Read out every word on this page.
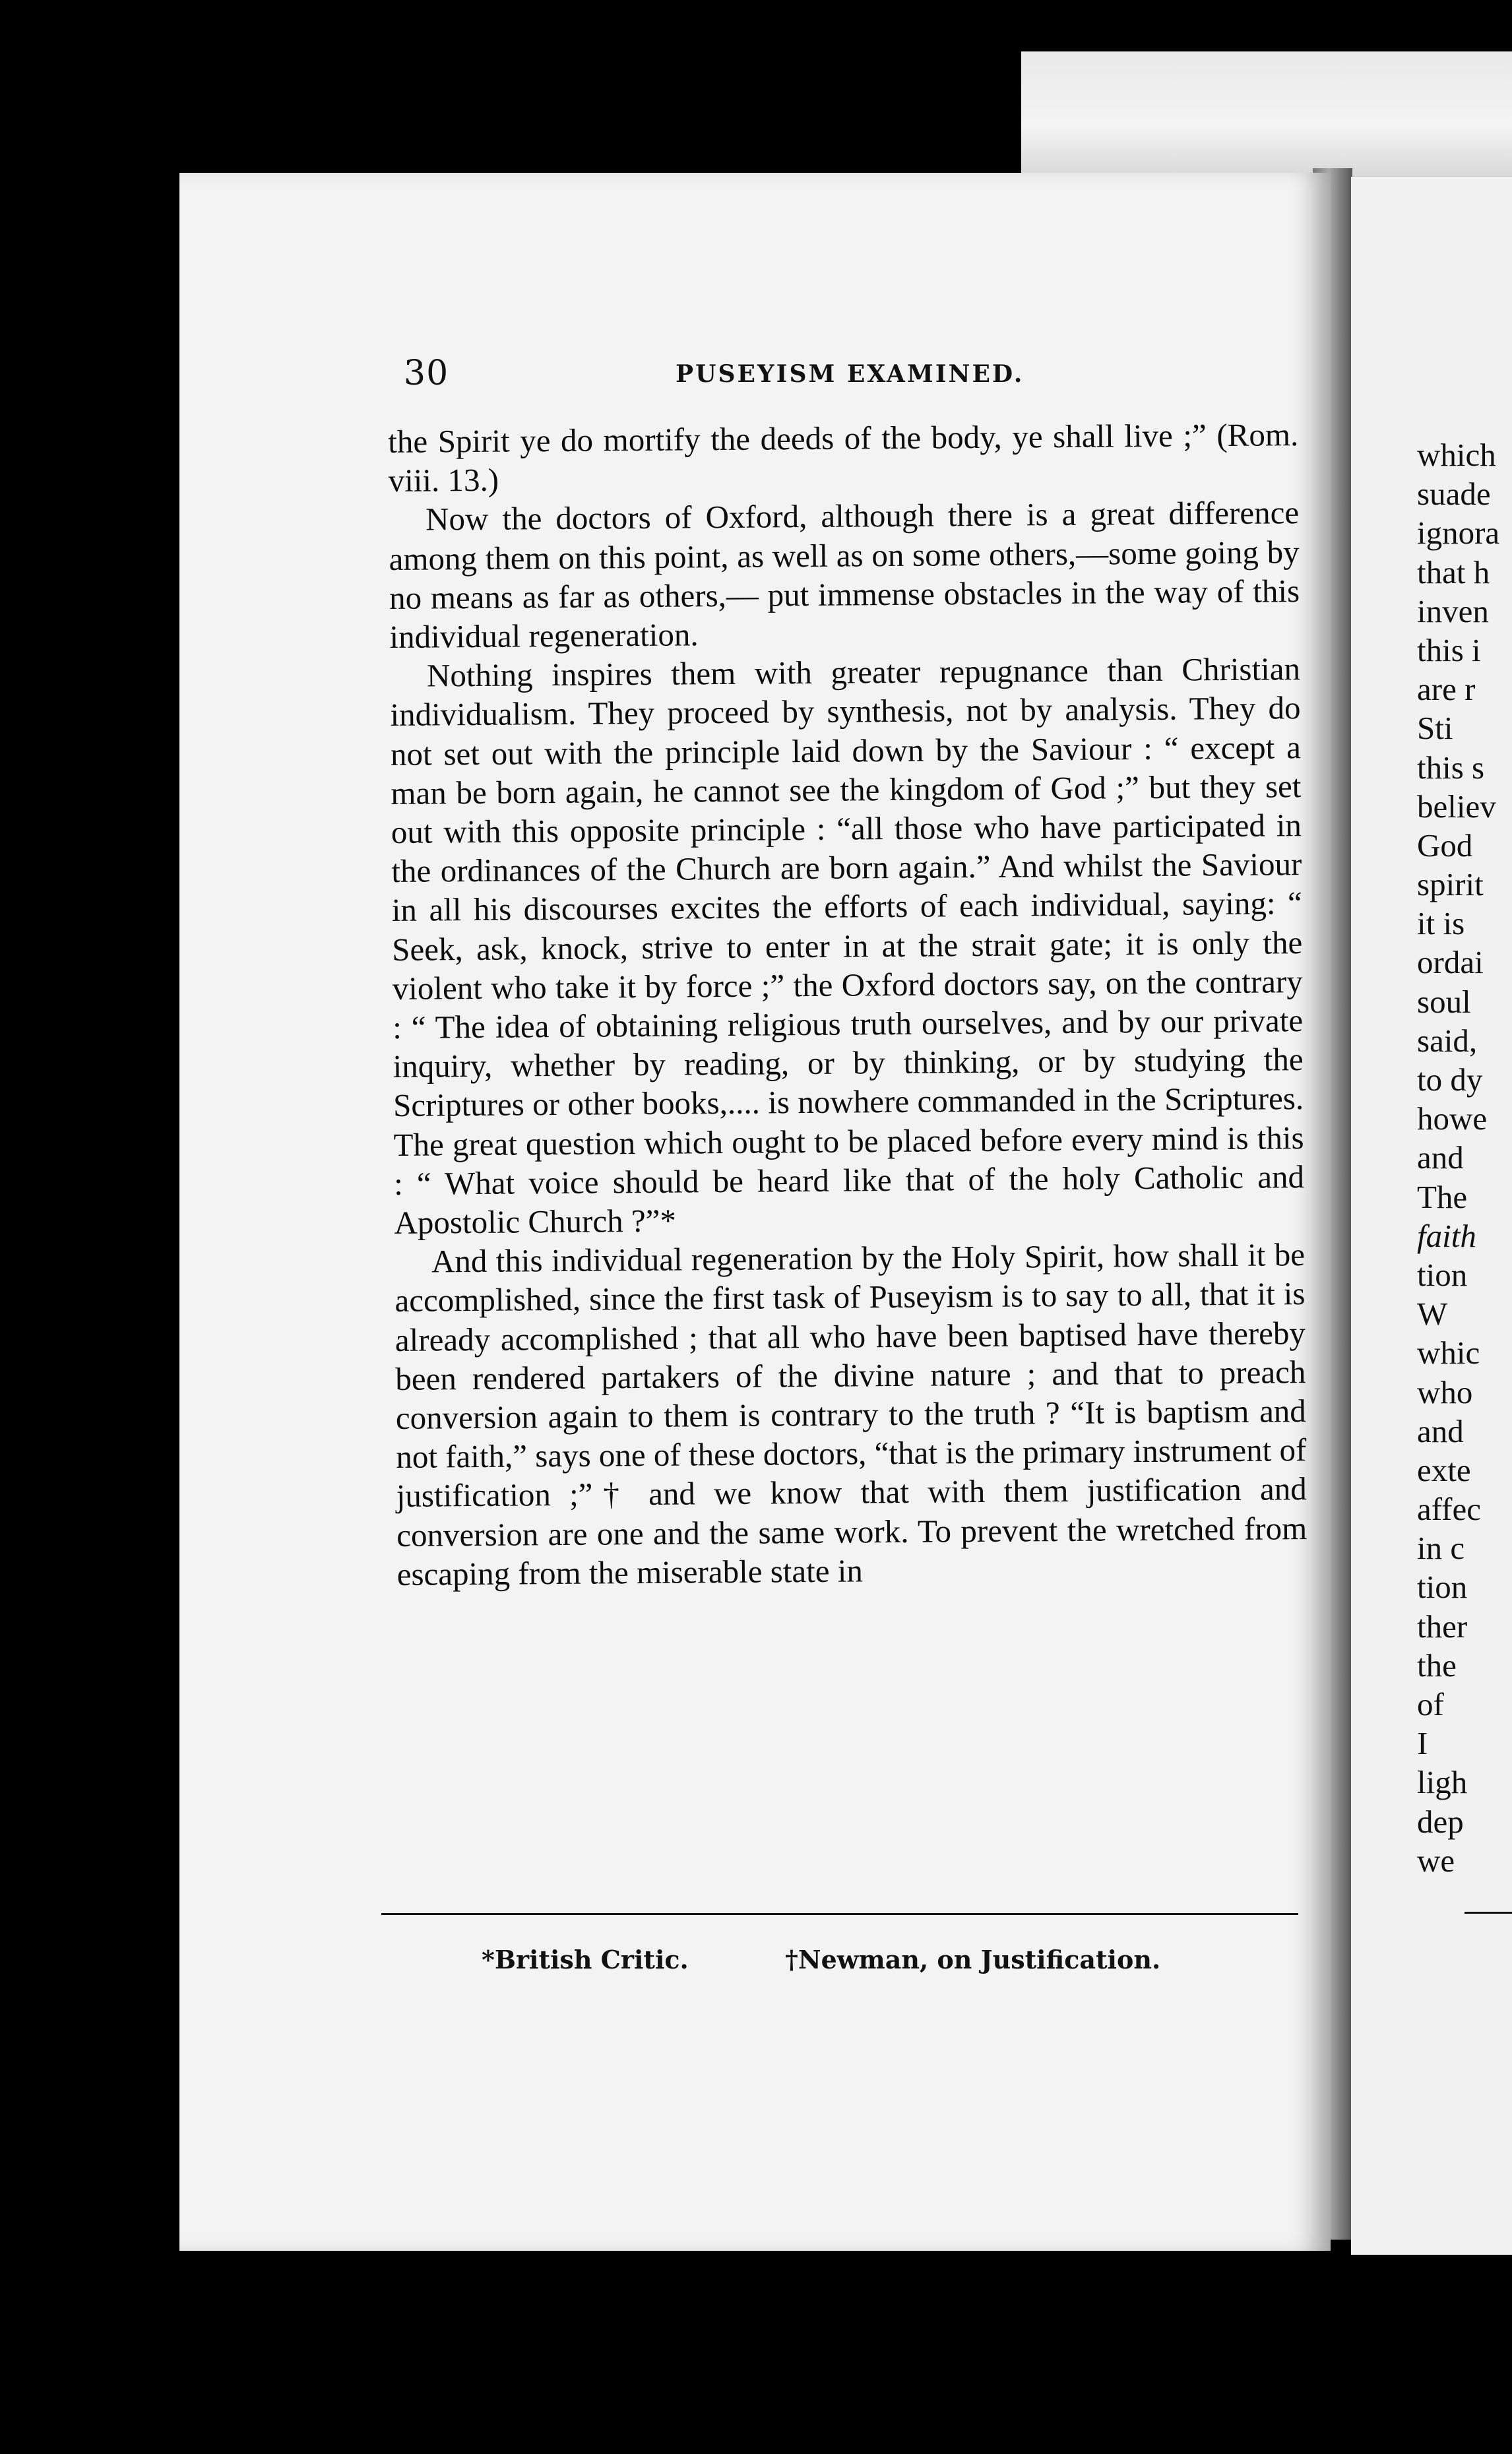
30	PUSEYISM EXAMINED.

the Spirit ye do mortify the deeds of the body, ye shall live ;” (Rom. viii. 13.)

Now the doctors of Oxford, although there is a great difference among them on this point, as well as on some others,—some going by no means as far as others,— put immense obstacles in the way of this individual regeneration.

Nothing inspires them with greater repugnance than Christian individualism. They proceed by synthesis, not by analysis. They do not set out with the principle laid down by the Saviour : “ except a man be born again, he cannot see the kingdom of God ;” but they set out with this opposite principle : “all those who have participated in the ordinances of the Church are born again.” And whilst the Saviour in all his discourses excites the efforts of each individual, saying: “ Seek, ask, knock, strive to enter in at the strait gate; it is only the violent who take it by force ;” the Oxford doctors say, on the contrary : “ The idea of obtaining religious truth ourselves, and by our private inquiry, whether by reading, or by thinking, or by studying the Scriptures or other books,.... is nowhere commanded in the Scriptures. The great question which ought to be placed before every mind is this : “ What voice should be heard like that of the holy Catholic and Apostolic Church ?”*

And this individual regeneration by the Holy Spirit, how shall it be accomplished, since the first task of Puseyism is to say to all, that it is already accomplished ; that all who have been baptised have thereby been rendered partakers of the divine nature ; and that to preach conversion again to them is contrary to the truth ? “It is baptism and not faith,” says one of these doctors, “that is the primary instrument of justification ;”† and we know that with them justification and conversion are one and the same work. To prevent the wretched from escaping from the miserable state in

*British Critic.	†Newman, on Justification.
which
suade
ignora
that h
inven
this i
are r
Sti
this s
believ
God
spirit
it is
ordai
soul
said,
to dy
howe
and
The
faith
tion
W
whic
who
and
exte
affec
in c
tion
ther
the
of
I
ligh
dep
we
